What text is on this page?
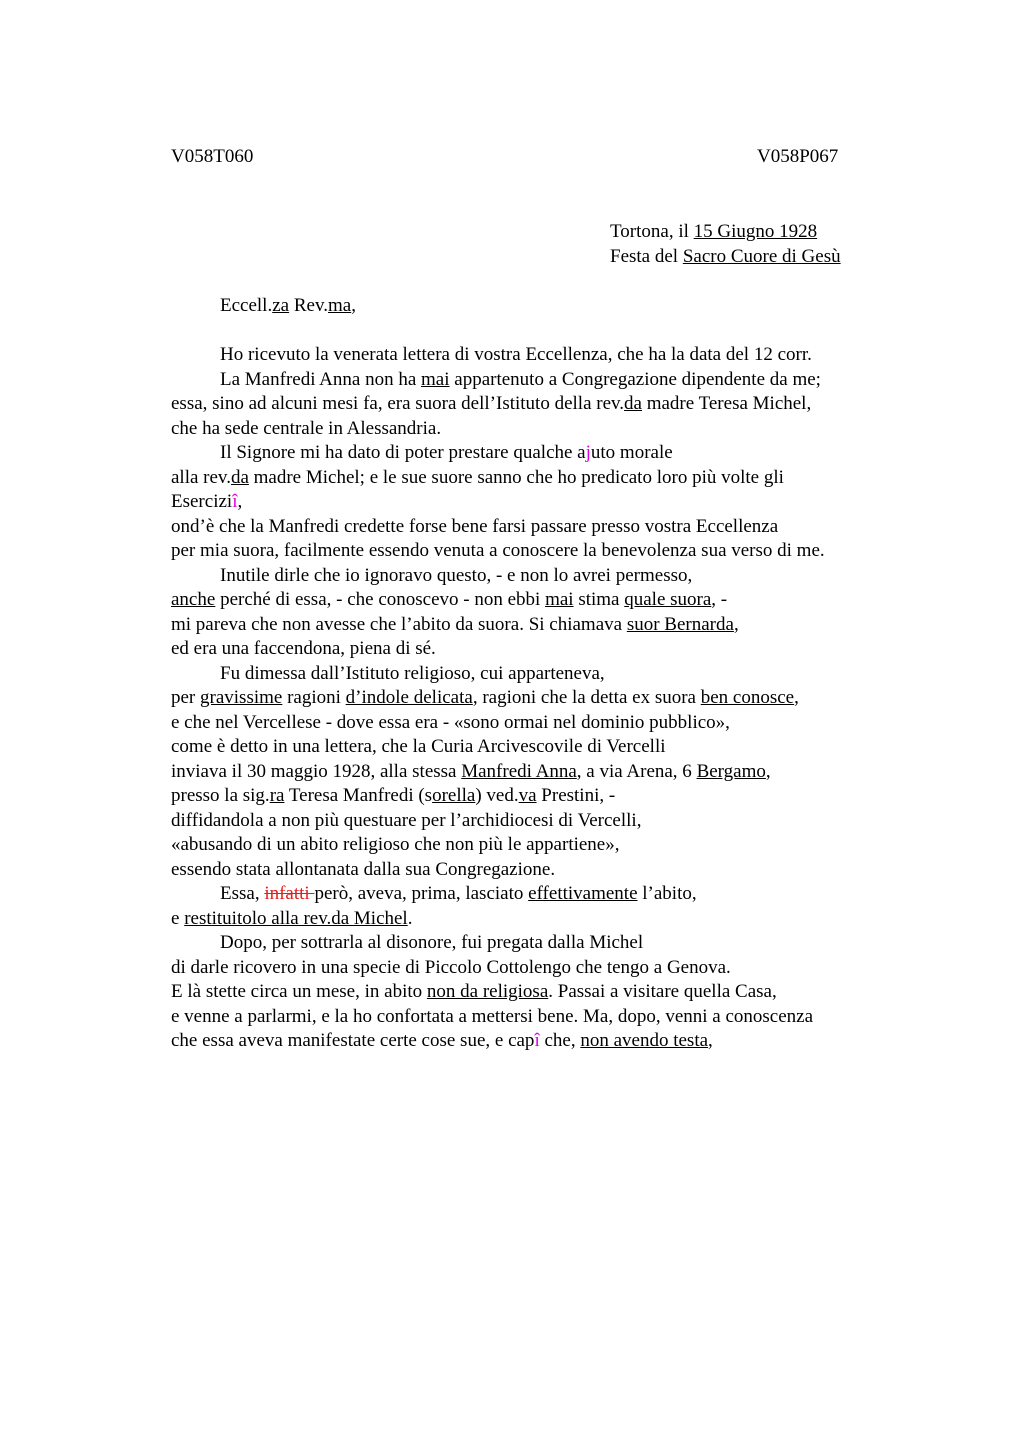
V058T060	V058P067
Tortona, il 15 Giugno 1928
Festa del Sacro Cuore di Gesù
Eccell.za Rev.ma,
Ho ricevuto la venerata lettera di vostra Eccellenza, che ha la data del 12 corr.
La Manfredi Anna non ha mai appartenuto a Congregazione dipendente da me;
essa, sino ad alcuni mesi fa, era suora dell’Istituto della rev.da madre Teresa Michel,
che ha sede centrale in Alessandria.
Il Signore mi ha dato di poter prestare qualche ajuto morale
alla rev.da madre Michel; e le sue suore sanno che ho predicato loro più volte gli
Eserciziî,
ond’è che la Manfredi credette forse bene farsi passare presso vostra Eccellenza
per mia suora, facilmente essendo venuta a conoscere la benevolenza sua verso di me.
Inutile dirle che io ignoravo questo, - e non lo avrei permesso,
anche perché di essa, - che conoscevo - non ebbi mai stima quale suora, -
mi pareva che non avesse che l’abito da suora. Si chiamava suor Bernarda,
ed era una faccendona, piena di sé.
Fu dimessa dall’Istituto religioso, cui apparteneva,
per gravissime ragioni d’indole delicata, ragioni che la detta ex suora ben conosce,
e che nel Vercellese - dove essa era - «sono ormai nel dominio pubblico»,
come è detto in una lettera, che la Curia Arcivescovile di Vercelli
inviava il 30 maggio 1928, alla stessa Manfredi Anna, a via Arena, 6 Bergamo,
presso la sig.ra Teresa Manfredi (sorella) ved.va Prestini, -
diffidandola a non più questuare per l’archidiocesi di Vercelli,
«abusando di un abito religioso che non più le appartiene»,
essendo stata allontanata dalla sua Congregazione.
Essa, infatti però, aveva, prima, lasciato effettivamente l’abito,
e restituitolo alla rev.da Michel.
Dopo, per sottrarla al disonore, fui pregata dalla Michel
di darle ricovero in una specie di Piccolo Cottolengo che tengo a Genova.
E là stette circa un mese, in abito non da religiosa. Passai a visitare quella Casa,
e venne a parlarmi, e la ho confortata a mettersi bene. Ma, dopo, venni a conoscenza
che essa aveva manifestate certe cose sue, e capî che, non avendo testa,
